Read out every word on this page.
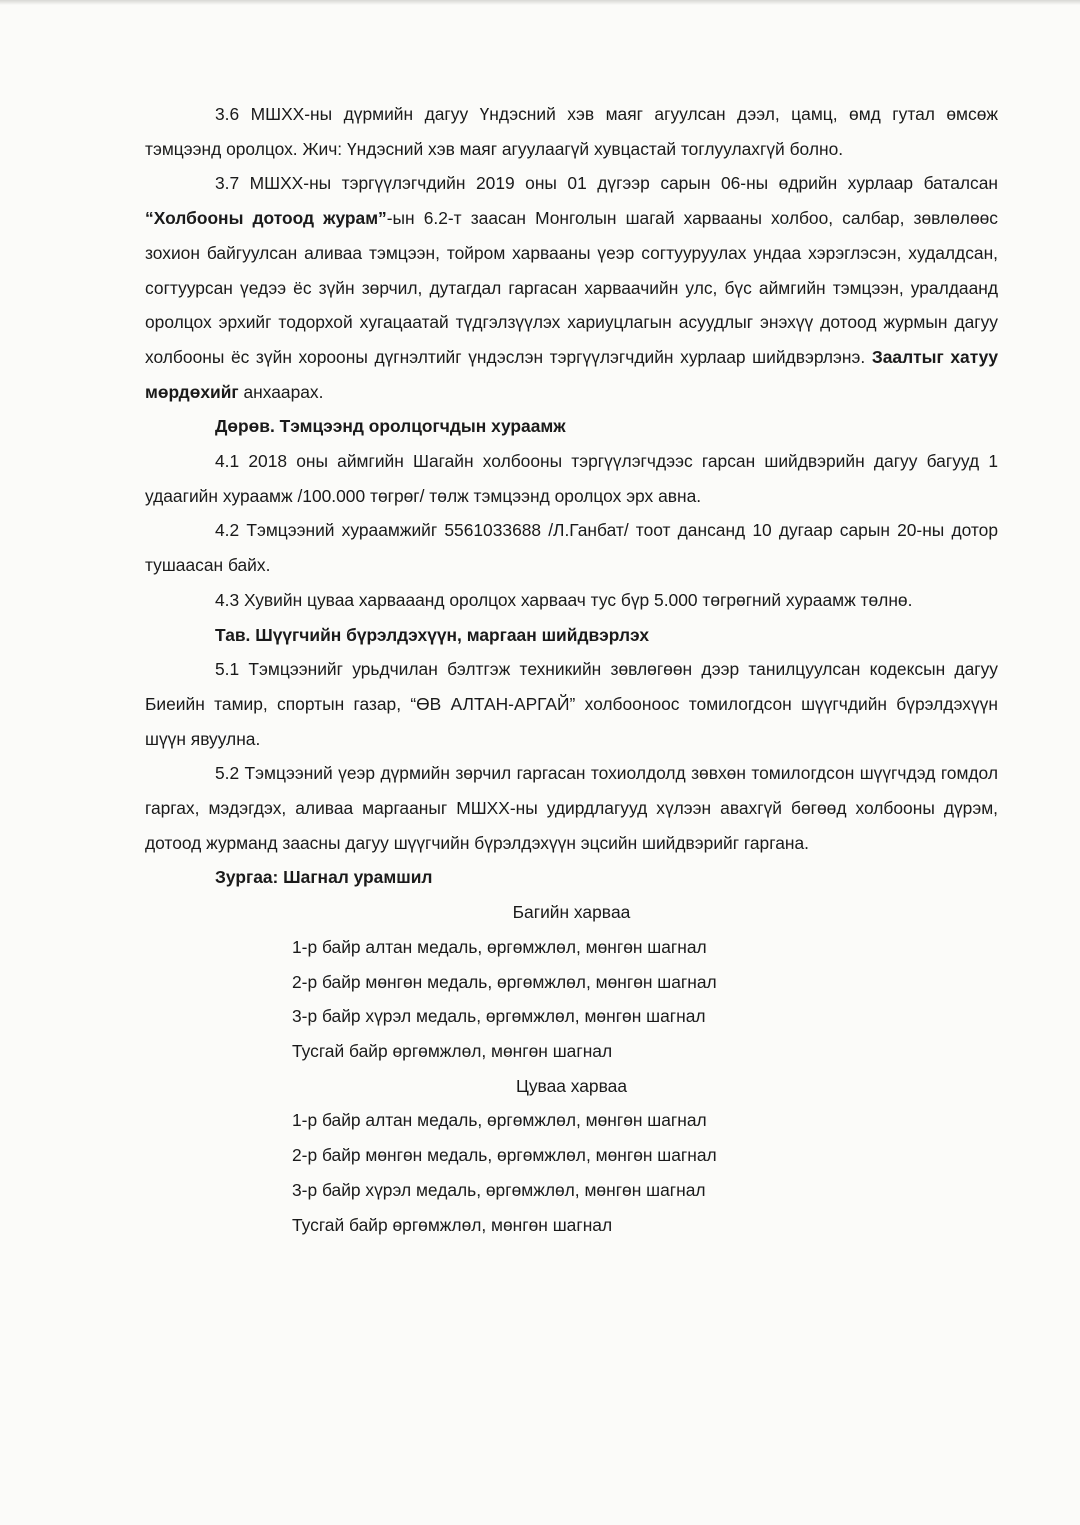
3.6 МШХХ-ны дүрмийн дагуу Үндэсний хэв маяг агуулсан дээл, цамц, өмд гутал өмсөж тэмцээнд оролцох. Жич: Үндэсний хэв маяг агуулаагүй хувцастай тоглуулахгүй болно.

3.7 МШХХ-ны тэргүүлэгчдийн 2019 оны 01 дүгээр сарын 06-ны өдрийн хурлаар баталсан “Холбооны дотоод журам”-ын 6.2-т заасан Монголын шагай харвааны холбоо, салбар, зөвлөлөөс зохион байгуулсан аливаа тэмцээн, тойром харвааны үеэр согтууруулах ундаа хэрэглэсэн, худалдсан, согтуурсан үедээ ёс зүйн зөрчил, дутагдал гаргасан харваачийн улс, бүс аймгийн тэмцээн, уралдаанд оролцох эрхийг тодорхой хугацаатай түдгэлзүүлэх хариуцлагын асуудлыг энэхүү дотоод журмын дагуу холбооны ёс зүйн хорооны дүгнэлтийг үндэслэн тэргүүлэгчдийн хурлаар шийдвэрлэнэ. Заалтыг хатуу мөрдөхийг анхаарах.

Дөрөв. Тэмцээнд оролцогчдын хураамж

4.1 2018 оны аймгийн Шагайн холбооны тэргүүлэгчдээс гарсан шийдвэрийн дагуу багууд 1 удаагийн хураамж /100.000 төгрөг/ төлж тэмцээнд оролцох эрх авна.

4.2 Тэмцээний хураамжийг 5561033688 /Л.Ганбат/ тоот дансанд 10 дугаар сарын 20-ны дотор тушаасан байх.

4.3 Хувийн цуваа харвааанд оролцох харваач тус бүр 5.000 төгрөгний хураамж төлнө.

Тав. Шүүгчийн бүрэлдэхүүн, маргаан шийдвэрлэх

5.1 Тэмцээнийг урьдчилан бэлтгэж техникийн зөвлөгөөн дээр танилцуулсан кодексын дагуу Биеийн тамир, спортын газар, “ӨВ АЛТАН-АРГАЙ” холбооноос томилогдсон шүүгчдийн бүрэлдэхүүн шүүн явуулна.

5.2 Тэмцээний үеэр дүрмийн зөрчил гаргасан тохиолдолд зөвхөн томилогдсон шүүгчдэд гомдол гаргах, мэдэгдэх, аливаа маргааныг МШХХ-ны удирдлагууд хүлээн авахгүй бөгөөд холбооны дүрэм, дотоод журманд заасны дагуу шүүгчийн бүрэлдэхүүн эцсийн шийдвэрийг гаргана.

Зургаа: Шагнал урамшил

Багийн харвaa

1-р байр алтан медаль, өргөмжлөл, мөнгөн шагнал
2-р байр мөнгөн медаль, өргөмжлөл, мөнгөн шагнал
3-р байр хүрэл медаль, өргөмжлөл, мөнгөн шагнал
Тусгай байр өргөмжлөл, мөнгөн шагнал

Цуваа харваа

1-р байр алтан медаль, өргөмжлөл, мөнгөн шагнал
2-р байр мөнгөн медаль, өргөмжлөл, мөнгөн шагнал
3-р байр хүрэл медаль, өргөмжлөл, мөнгөн шагнал
Тусгай байр өргөмжлөл, мөнгөн шагнал
